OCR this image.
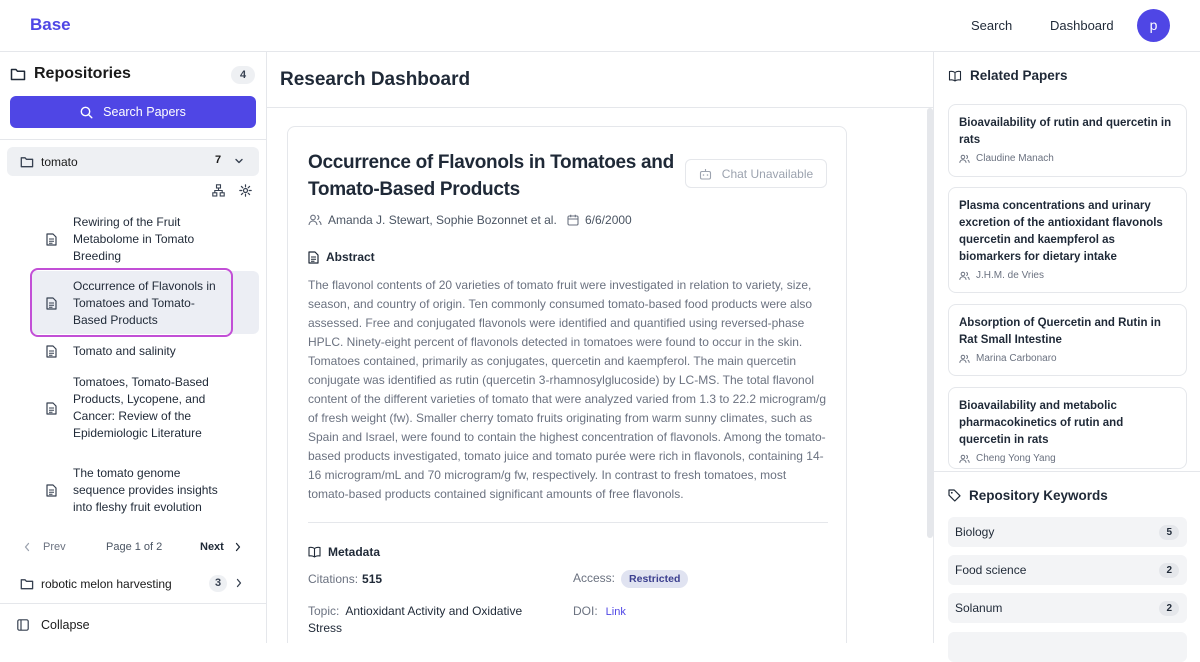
Base	Search	Dashboard	p
Repositories	4
Search Papers
tomato	7
Rewiring of the Fruit Metabolome in Tomato Breeding
Occurrence of Flavonols in Tomatoes and Tomato-Based Products
Tomato and salinity
Tomatoes, Tomato-Based Products, Lycopene, and Cancer: Review of the Epidemiologic Literature
The tomato genome sequence provides insights into fleshy fruit evolution
Prev	Page 1 of 2	Next
robotic melon harvesting	3
Collapse
Research Dashboard
Occurrence of Flavonols in Tomatoes and Tomato-Based Products
Chat Unavailable
Amanda J. Stewart, Sophie Bozonnet et al. 6/6/2000
Abstract
The flavonol contents of 20 varieties of tomato fruit were investigated in relation to variety, size, season, and country of origin. Ten commonly consumed tomato-based food products were also assessed. Free and conjugated flavonols were identified and quantified using reversed-phase HPLC. Ninety-eight percent of flavonols detected in tomatoes were found to occur in the skin. Tomatoes contained, primarily as conjugates, quercetin and kaempferol. The main quercetin conjugate was identified as rutin (quercetin 3-rhamnosylglucoside) by LC-MS. The total flavonol content of the different varieties of tomato that were analyzed varied from 1.3 to 22.2 microgram/g of fresh weight (fw). Smaller cherry tomato fruits originating from warm sunny climates, such as Spain and Israel, were found to contain the highest concentration of flavonols. Among the tomato-based products investigated, tomato juice and tomato purée were rich in flavonols, containing 14-16 microgram/mL and 70 microgram/g fw, respectively. In contrast to fresh tomatoes, most tomato-based products contained significant amounts of free flavonols.
Metadata
Citations: 515	Access: Restricted
Topic: Antioxidant Activity and Oxidative Stress
DOI: Link
Related Papers
Bioavailability of rutin and quercetin in rats
Claudine Manach
Plasma concentrations and urinary excretion of the antioxidant flavonols quercetin and kaempferol as biomarkers for dietary intake
J.H.M. de Vries
Absorption of Quercetin and Rutin in Rat Small Intestine
Marina Carbonaro
Bioavailability and metabolic pharmacokinetics of rutin and quercetin in rats
Cheng Yong Yang
Repository Keywords
Biology	5
Food science	2
Solanum	2
